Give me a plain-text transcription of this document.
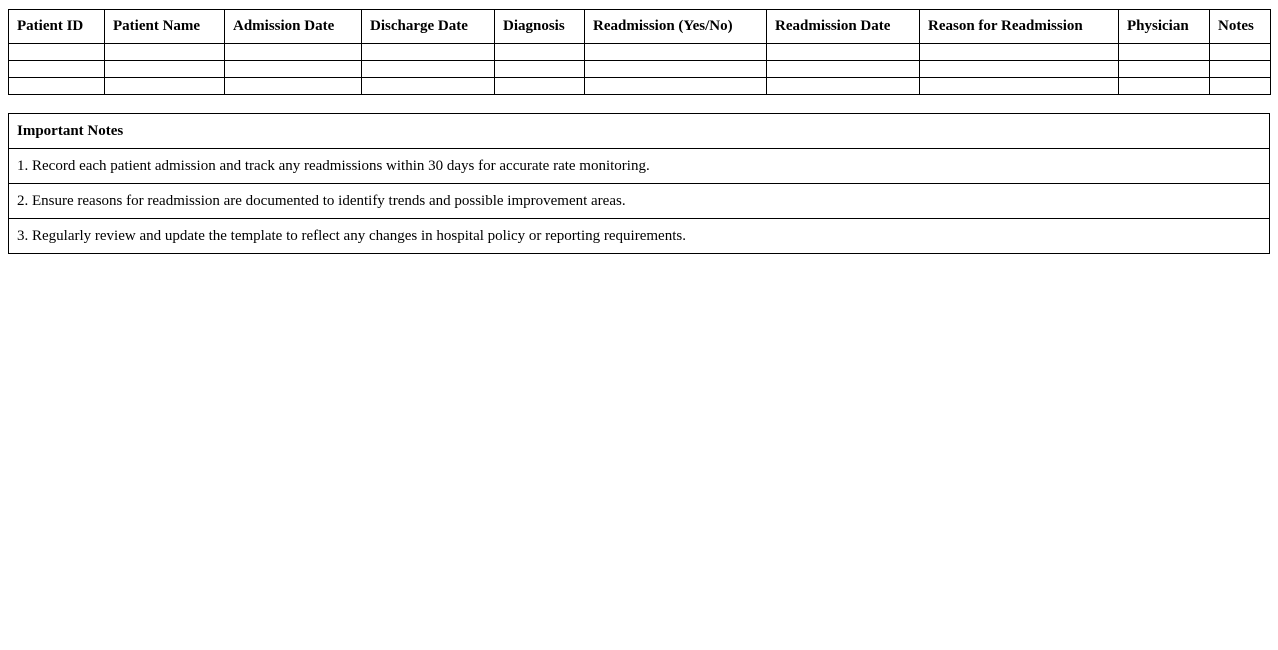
Patient ID	Patient Name	Admission Date	Discharge Date	Diagnosis	Readmission (Yes/No)	Readmission Date	Reason for Readmission	Physician	Notes

Important Notes
1. Record each patient admission and track any readmissions within 30 days for accurate rate monitoring.
2. Ensure reasons for readmission are documented to identify trends and possible improvement areas.
3. Regularly review and update the template to reflect any changes in hospital policy or reporting requirements.
